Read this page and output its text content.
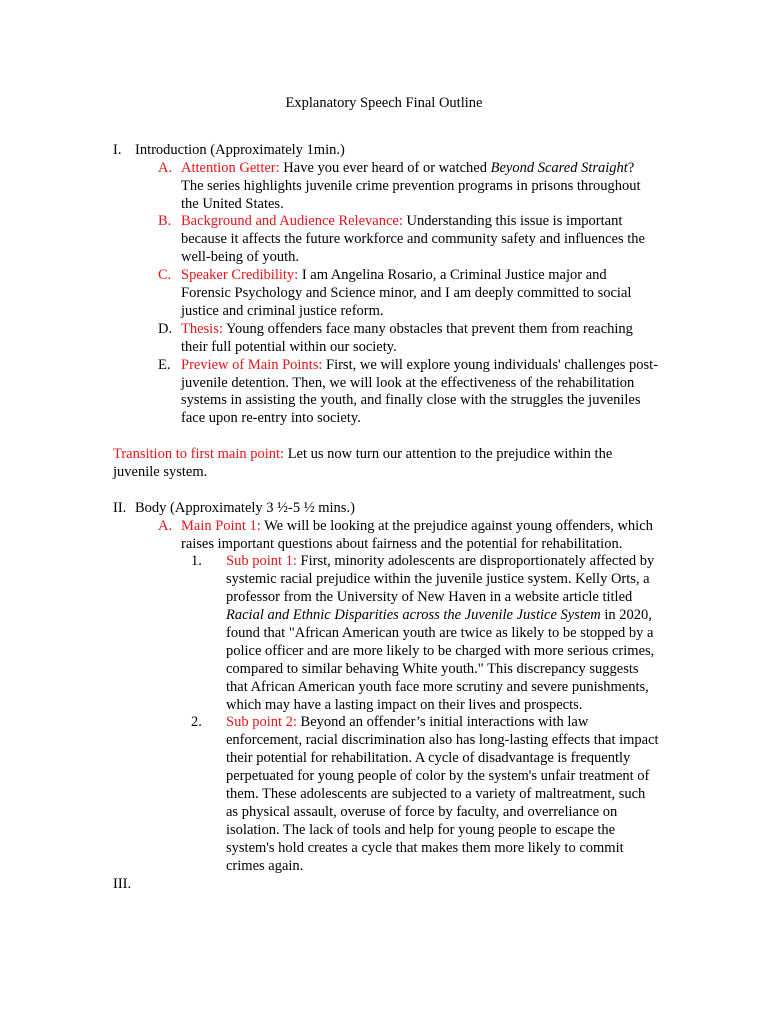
Explanatory Speech Final Outline
I. Introduction (Approximately 1min.)
A. Attention Getter: Have you ever heard of or watched Beyond Scared Straight?
The series highlights juvenile crime prevention programs in prisons throughout
the United States.
B. Background and Audience Relevance: Understanding this issue is important
because it affects the future workforce and community safety and influences the
well-being of youth.
C. Speaker Credibility: I am Angelina Rosario, a Criminal Justice major and
Forensic Psychology and Science minor, and I am deeply committed to social
justice and criminal justice reform.
D. Thesis: Young offenders face many obstacles that prevent them from reaching
their full potential within our society.
E. Preview of Main Points: First, we will explore young individuals' challenges post-
juvenile detention. Then, we will look at the effectiveness of the rehabilitation
systems in assisting the youth, and finally close with the struggles the juveniles
face upon re-entry into society.
Transition to first main point: Let us now turn our attention to the prejudice within the
juvenile system.
II. Body (Approximately 3 ½-5 ½ mins.)
A. Main Point 1: We will be looking at the prejudice against young offenders, which
raises important questions about fairness and the potential for rehabilitation.
1. Sub point 1: First, minority adolescents are disproportionately affected by
systemic racial prejudice within the juvenile justice system. Kelly Orts, a
professor from the University of New Haven in a website article titled
Racial and Ethnic Disparities across the Juvenile Justice System in 2020,
found that "African American youth are twice as likely to be stopped by a
police officer and are more likely to be charged with more serious crimes,
compared to similar behaving White youth." This discrepancy suggests
that African American youth face more scrutiny and severe punishments,
which may have a lasting impact on their lives and prospects.
2. Sub point 2: Beyond an offender’s initial interactions with law
enforcement, racial discrimination also has long-lasting effects that impact
their potential for rehabilitation. A cycle of disadvantage is frequently
perpetuated for young people of color by the system's unfair treatment of
them. These adolescents are subjected to a variety of maltreatment, such
as physical assault, overuse of force by faculty, and overreliance on
isolation. The lack of tools and help for young people to escape the
system's hold creates a cycle that makes them more likely to commit
crimes again.
III.
